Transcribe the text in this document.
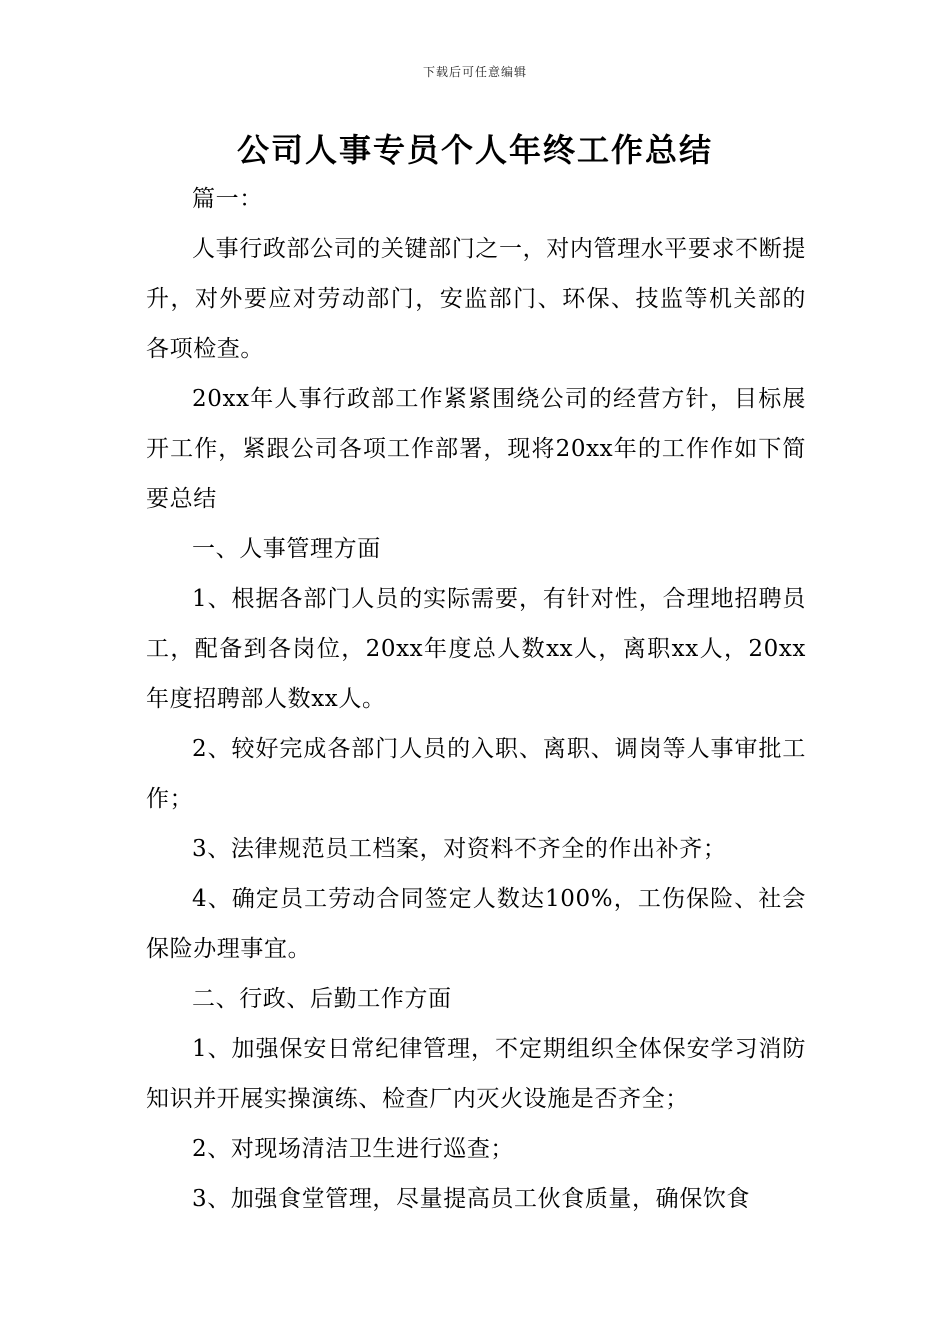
下载后可任意编辑
公司人事专员个人年终工作总结

篇一：

人事行政部公司的关键部门之一，对内管理水平要求不断提升，对外要应对劳动部门，安监部门、环保、技监等机关部的各项检查。

20xx年人事行政部工作紧紧围绕公司的经营方针，目标展开工作，紧跟公司各项工作部署，现将20xx年的工作作如下简要总结

一、人事管理方面

1、根据各部门人员的实际需要，有针对性，合理地招聘员工，配备到各岗位，20xx年度总人数xx人，离职xx人，20xx年度招聘部人数xx人。

2、较好完成各部门人员的入职、离职、调岗等人事审批工作；

3、法律规范员工档案，对资料不齐全的作出补齐；

4、确定员工劳动合同签定人数达100%，工伤保险、社会保险办理事宜。

二、行政、后勤工作方面

1、加强保安日常纪律管理，不定期组织全体保安学习消防知识并开展实操演练、检查厂内灭火设施是否齐全；

2、对现场清洁卫生进行巡查；

3、加强食堂管理，尽量提高员工伙食质量，确保饮食
